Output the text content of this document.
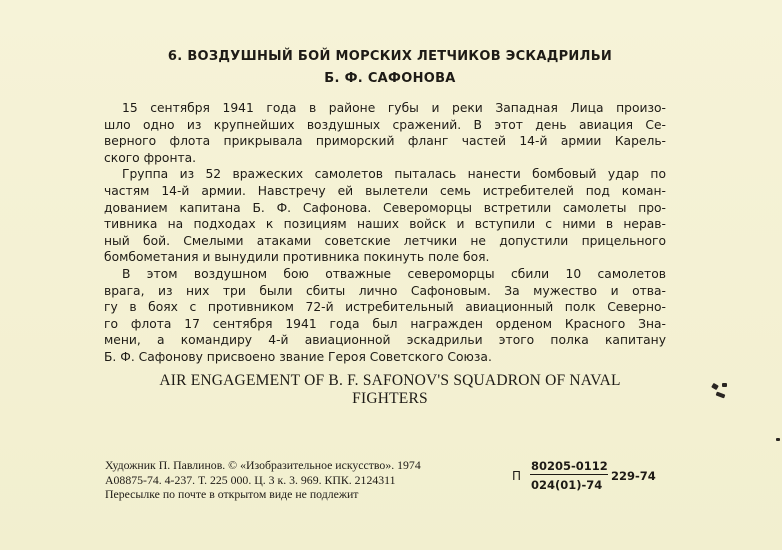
6. ВОЗДУШНЫЙ БОЙ МОРСКИХ ЛЕТЧИКОВ ЭСКАДРИЛЬИ
Б. Ф. САФОНОВА
15 сентября 1941 года в районе губы и реки Западная Лица произо-
шло одно из крупнейших воздушных сражений. В этот день авиация Се-
верного флота прикрывала приморский фланг частей 14-й армии Карель-
ского фронта.
Группа из 52 вражеских самолетов пыталась нанести бомбовый удар по
частям 14-й армии. Навстречу ей вылетели семь истребителей под коман-
дованием капитана Б. Ф. Сафонова. Североморцы встретили самолеты про-
тивника на подходах к позициям наших войск и вступили с ними в нерав-
ный бой. Смелыми атаками советские летчики не допустили прицельного
бомбометания и вынудили противника покинуть поле боя.
В этом воздушном бою отважные североморцы сбили 10 самолетов
врага, из них три были сбиты лично Сафоновым. За мужество и отва-
гу в боях с противником 72-й истребительный авиационный полк Северно-
го флота 17 сентября 1941 года был награжден орденом Красного Зна-
мени, а командиру 4-й авиационной эскадрильи этого полка капитану
Б. Ф. Сафонову присвоено звание Героя Советского Союза.
AIR ENGAGEMENT OF B. F. SAFONOV'S SQUADRON OF NAVAL
FIGHTERS
Художник П. Павлинов. © «Изобразительное искусство». 1974
А08875-74. 4-237. Т. 225 000. Ц. 3 к. 3. 969. КПК. 2124311
Пересылке по почте в открытом виде не подлежит
П
80205-0112
024(01)-74
229-74
